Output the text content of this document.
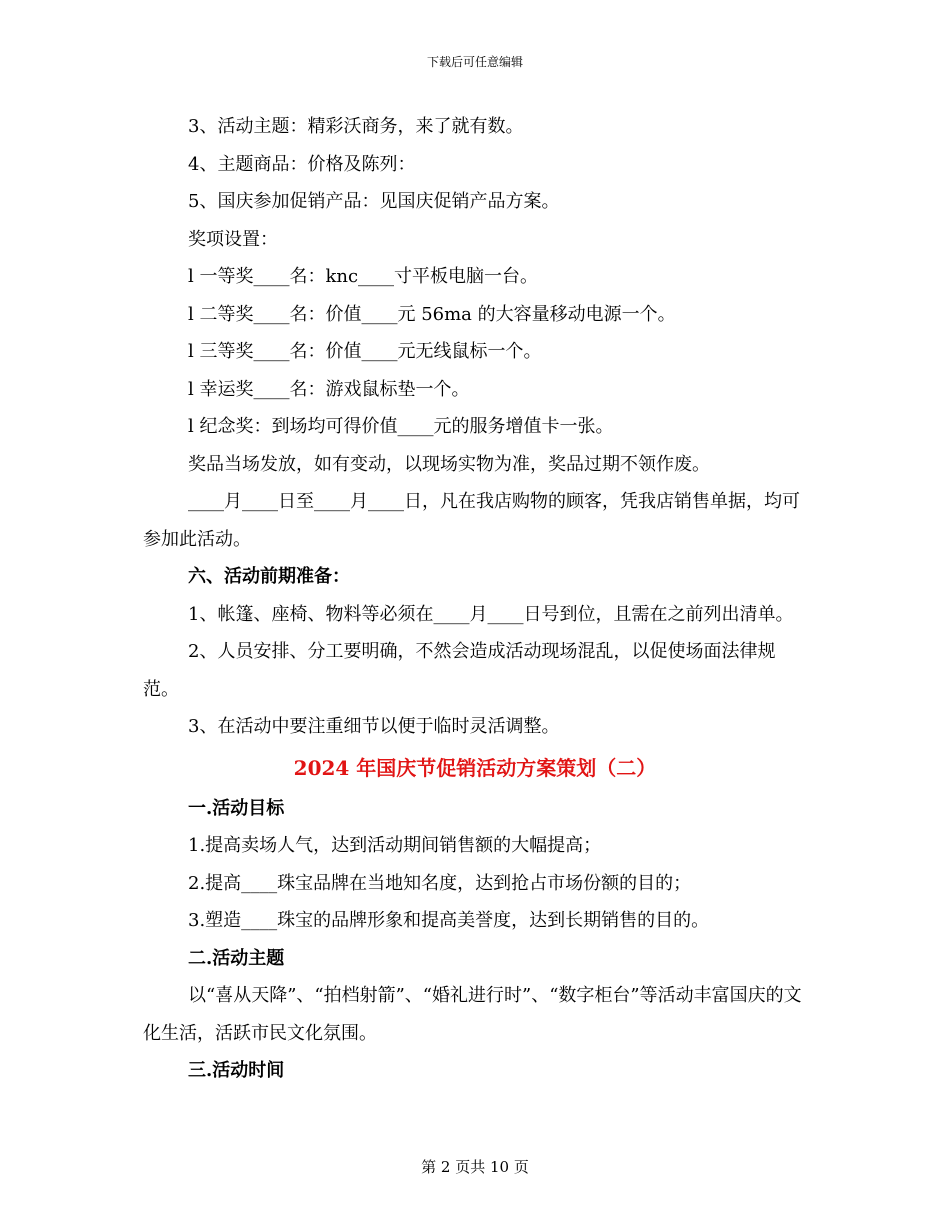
下载后可任意编辑

3、活动主题：精彩沃商务，来了就有数。

4、主题商品：价格及陈列：

5、国庆参加促销产品：见国庆促销产品方案。

奖项设置：

l 一等奖____名：knc____寸平板电脑一台。

l 二等奖____名：价值____元 56ma 的大容量移动电源一个。

l 三等奖____名：价值____元无线鼠标一个。

l 幸运奖____名：游戏鼠标垫一个。

l 纪念奖：到场均可得价值____元的服务增值卡一张。

奖品当场发放，如有变动，以现场实物为准，奖品过期不领作废。

____月____日至____月____日，凡在我店购物的顾客，凭我店销售单据，均可参加此活动。

六、活动前期准备：

1、帐篷、座椅、物料等必须在____月____日号到位，且需在之前列出清单。

2、人员安排、分工要明确，不然会造成活动现场混乱，以促使场面法律规范。

3、在活动中要注重细节以便于临时灵活调整。

2024 年国庆节促销活动方案策划（二）

一.活动目标

1.提高卖场人气，达到活动期间销售额的大幅提高；

2.提高____珠宝品牌在当地知名度，达到抢占市场份额的目的；

3.塑造____珠宝的品牌形象和提高美誉度，达到长期销售的目的。

二.活动主题

以“喜从天降”、“拍档射箭”、“婚礼进行时”、“数字柜台”等活动丰富国庆的文化生活，活跃市民文化氛围。

三.活动时间

第 2 页共 10 页
